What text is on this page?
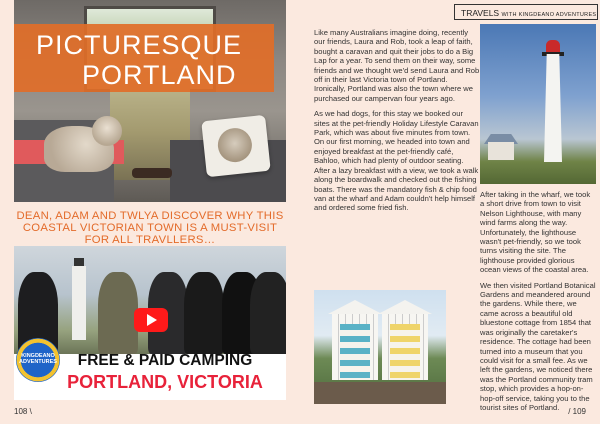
PICTURESQUE
PORTLAND
DEAN, ADAM AND TWLYA DISCOVER WHY THIS COASTAL VICTORIAN TOWN IS A MUST-VISIT FOR ALL TRAVLLERS…
KINGDEANO ADVENTURES	FREE & PAID CAMPING
PORTLAND, VICTORIA
108 \
TRAVELS WITH KINGDEANO ADVENTURES

Like many Australians imagine doing, recently our friends, Laura and Rob, took a leap of faith, bought a caravan and quit their jobs to do a Big Lap for a year. To send them on their way, some friends and we thought we'd send Laura and Rob off in their last Victoria town of Portland. Ironically, Portland was also the town where we purchased our campervan four years ago.

As we had dogs, for this stay we booked our sites at the pet-friendly Holiday Lifestyle Caravan Park, which was about five minutes from town. On our first morning, we headed into town and enjoyed breakfast at the pet-friendly café, Bahloo, which had plenty of outdoor seating. After a lazy breakfast with a view, we took a walk along the boardwalk and checked out the fishing boats. There was the mandatory fish & chip food van at the wharf and Adam couldn't help himself and ordered some fried fish.

After taking in the wharf, we took a short drive from town to visit Nelson Lighthouse, with many wind farms along the way. Unfortunately, the lighthouse wasn't pet-friendly, so we took turns visiting the site. The lighthouse provided glorious ocean views of the coastal area.

We then visited Portland Botanical Gardens and meandered around the gardens. While there, we came across a beautiful old bluestone cottage from 1854 that was originally the caretaker's residence. The cottage had been turned into a museum that you could visit for a small fee. As we left the gardens, we noticed there was the Portland community tram stop, which provides a hop-on-hop-off service, taking you to the tourist sites of Portland.	/ 109
